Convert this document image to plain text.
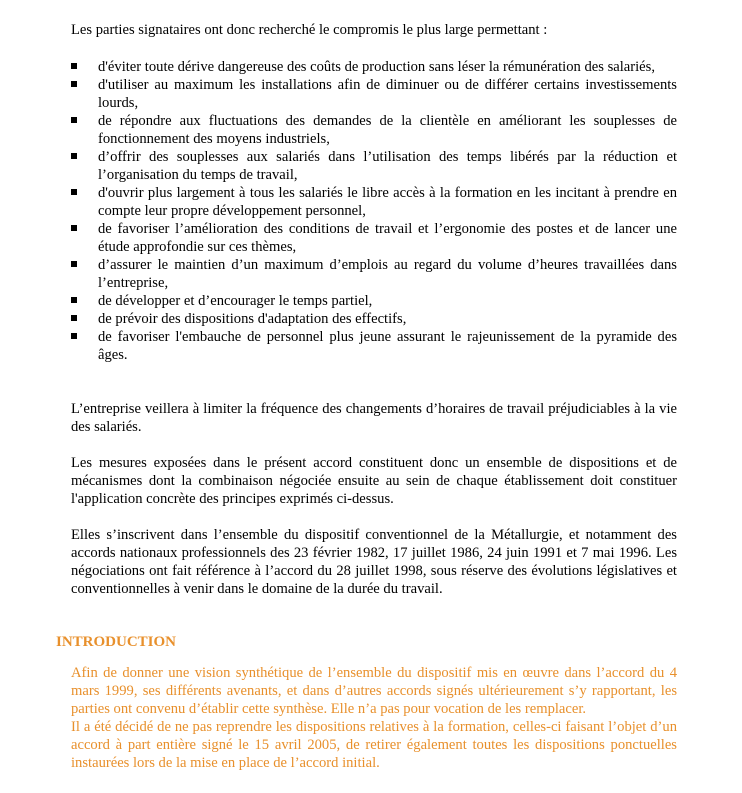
Les parties signataires ont donc recherché le compromis le plus large permettant :

d'éviter toute dérive dangereuse des coûts de production sans léser la rémunération des salariés,
d'utiliser au maximum les installations afin de diminuer ou de différer certains investissements lourds,
de répondre aux fluctuations des demandes de la clientèle en améliorant les souplesses de fonctionnement des moyens industriels,
d’offrir des souplesses aux salariés dans l’utilisation des temps libérés par la réduction et l’organisation du temps de travail,
d'ouvrir plus largement à tous les salariés le libre accès à la formation en les incitant à prendre en compte leur propre développement personnel,
de favoriser l’amélioration des conditions de travail et l’ergonomie des postes et de lancer une étude approfondie sur ces thèmes,
d’assurer le maintien d’un maximum d’emplois au regard du volume d’heures travaillées dans l’entreprise,
de développer et d’encourager le temps partiel,
de prévoir des dispositions d'adaptation des effectifs,
de favoriser l'embauche de personnel plus jeune assurant le rajeunissement de la pyramide des âges.

L’entreprise veillera à limiter la fréquence des changements d’horaires de travail préjudiciables à la vie des salariés.

Les mesures exposées dans le présent accord constituent donc un ensemble de dispositions et de mécanismes dont la combinaison négociée ensuite au sein de chaque établissement doit constituer l'application concrète des principes exprimés ci-dessus.

Elles s’inscrivent dans l’ensemble du dispositif conventionnel de la Métallurgie, et notamment des accords nationaux professionnels des 23 février 1982, 17 juillet 1986, 24 juin 1991 et 7 mai 1996. Les négociations ont fait référence à l’accord du 28 juillet 1998, sous réserve des évolutions législatives et conventionnelles à venir dans le domaine de la durée du travail.

INTRODUCTION

Afin de donner une vision synthétique de l’ensemble du dispositif mis en œuvre dans l’accord du 4 mars 1999, ses différents avenants, et dans d’autres accords signés ultérieurement s’y rapportant, les parties ont convenu d’établir cette synthèse. Elle n’a pas pour vocation de les remplacer.

Il a été décidé de ne pas reprendre les dispositions relatives à la formation, celles-ci faisant l’objet d’un accord à part entière signé le 15 avril 2005, de retirer également toutes les dispositions ponctuelles instaurées lors de la mise en place de l’accord initial.
